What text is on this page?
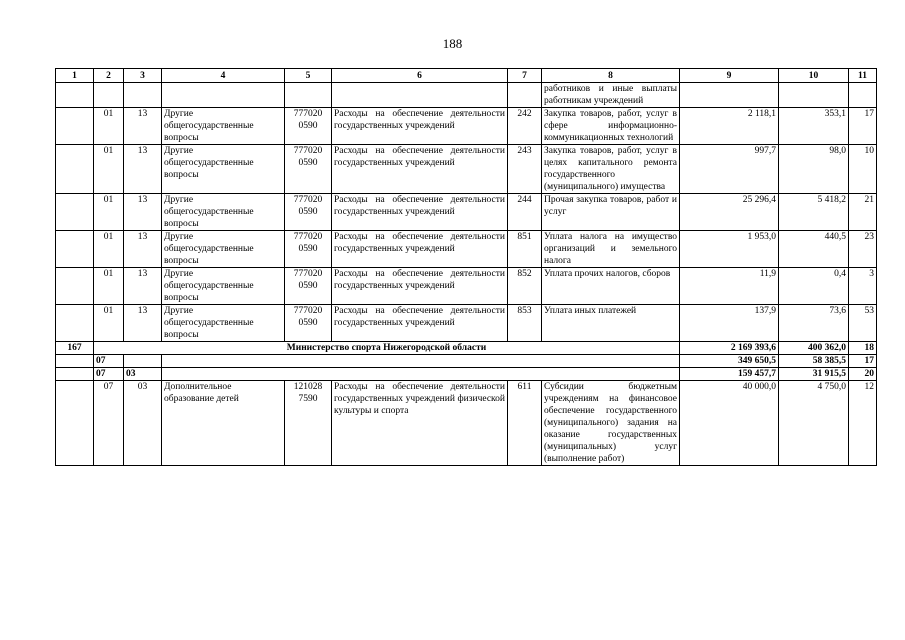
188
1	2	3	4	5	6	7	8	9	10	11
							работников и иные выплаты работникам учреждений			
	01	13	Другие общегосударственные вопросы	777020 0590	Расходы на обеспечение деятельности государственных учреждений	242	Закупка товаров, работ, услуг в сфере информационно-коммуникационных технологий	2 118,1	353,1	17
	01	13	Другие общегосударственные вопросы	777020 0590	Расходы на обеспечение деятельности государственных учреждений	243	Закупка товаров, работ, услуг в целях капитального ремонта государственного (муниципального) имущества	997,7	98,0	10
	01	13	Другие общегосударственные вопросы	777020 0590	Расходы на обеспечение деятельности государственных учреждений	244	Прочая закупка товаров, работ и услуг	25 296,4	5 418,2	21
	01	13	Другие общегосударственные вопросы	777020 0590	Расходы на обеспечение деятельности государственных учреждений	851	Уплата налога на имущество организаций и земельного налога	1 953,0	440,5	23
	01	13	Другие общегосударственные вопросы	777020 0590	Расходы на обеспечение деятельности государственных учреждений	852	Уплата прочих налогов, сборов	11,9	0,4	3
	01	13	Другие общегосударственные вопросы	777020 0590	Расходы на обеспечение деятельности государственных учреждений	853	Уплата иных платежей	137,9	73,6	53
167	Министерство спорта Нижегородской области							2 169 393,6	400 362,0	18
	07							349 650,5	58 385,5	17
	07	03						159 457,7	31 915,5	20
	07	03	Дополнительное образование детей	121028 7590	Расходы на обеспечение деятельности государственных учреждений физической культуры и спорта	611	Субсидии бюджетным учреждениям на финансовое обеспечение государственного (муниципального) задания на оказание государственных (муниципальных) услуг (выполнение работ)	40 000,0	4 750,0	12
